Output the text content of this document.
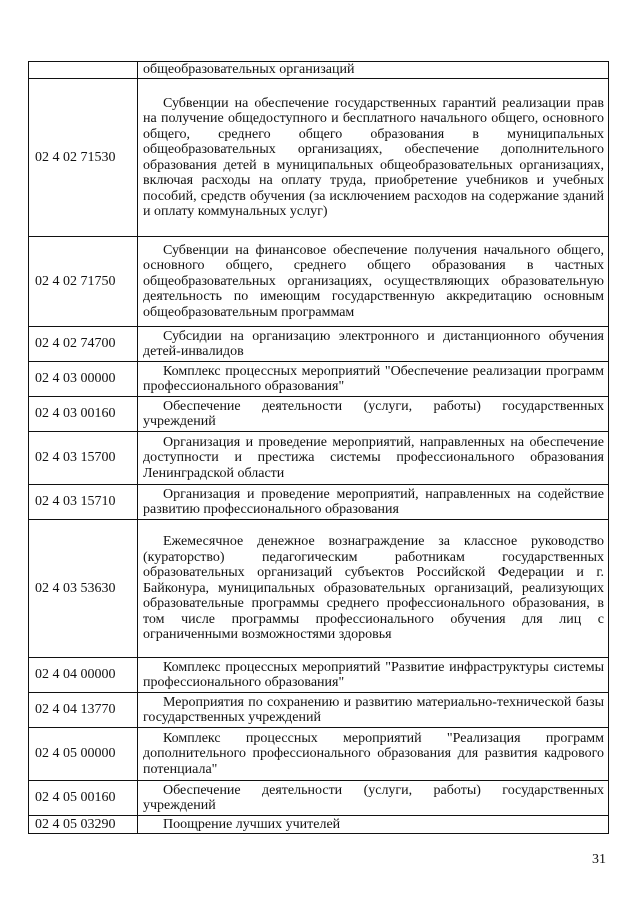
	общеобразовательных организаций
02 4 02 71530	Субвенции на обеспечение государственных гарантий реализации прав на получение общедоступного и бесплатного начального общего, основного общего, среднего общего образования в муниципальных общеобразовательных организациях, обеспечение дополнительного образования детей в муниципальных общеобразовательных организациях, включая расходы на оплату труда, приобретение учебников и учебных пособий, средств обучения (за исключением расходов на содержание зданий и оплату коммунальных услуг)
02 4 02 71750	Субвенции на финансовое обеспечение получения начального общего, основного общего, среднего общего образования в частных общеобразовательных организациях, осуществляющих образовательную деятельность по имеющим государственную аккредитацию основным общеобразовательным программам
02 4 02 74700	Субсидии на организацию электронного и дистанционного обучения детей-инвалидов
02 4 03 00000	Комплекс процессных мероприятий "Обеспечение реализации программ профессионального образования"
02 4 03 00160	Обеспечение деятельности (услуги, работы) государственных учреждений
02 4 03 15700	Организация и проведение мероприятий, направленных на обеспечение доступности и престижа системы профессионального образования Ленинградской области
02 4 03 15710	Организация и проведение мероприятий, направленных на содействие развитию профессионального образования
02 4 03 53630	Ежемесячное денежное вознаграждение за классное руководство (кураторство) педагогическим работникам государственных образовательных организаций субъектов Российской Федерации и г. Байконура, муниципальных образовательных организаций, реализующих образовательные программы среднего профессионального образования, в том числе программы профессионального обучения для лиц с ограниченными возможностями здоровья
02 4 04 00000	Комплекс процессных мероприятий "Развитие инфраструктуры системы профессионального образования"
02 4 04 13770	Мероприятия по сохранению и развитию материально-технической базы государственных учреждений
02 4 05 00000	Комплекс процессных мероприятий "Реализация программ дополнительного профессионального образования для развития кадрового потенциала"
02 4 05 00160	Обеспечение деятельности (услуги, работы) государственных учреждений
02 4 05 03290	Поощрение лучших учителей
31
